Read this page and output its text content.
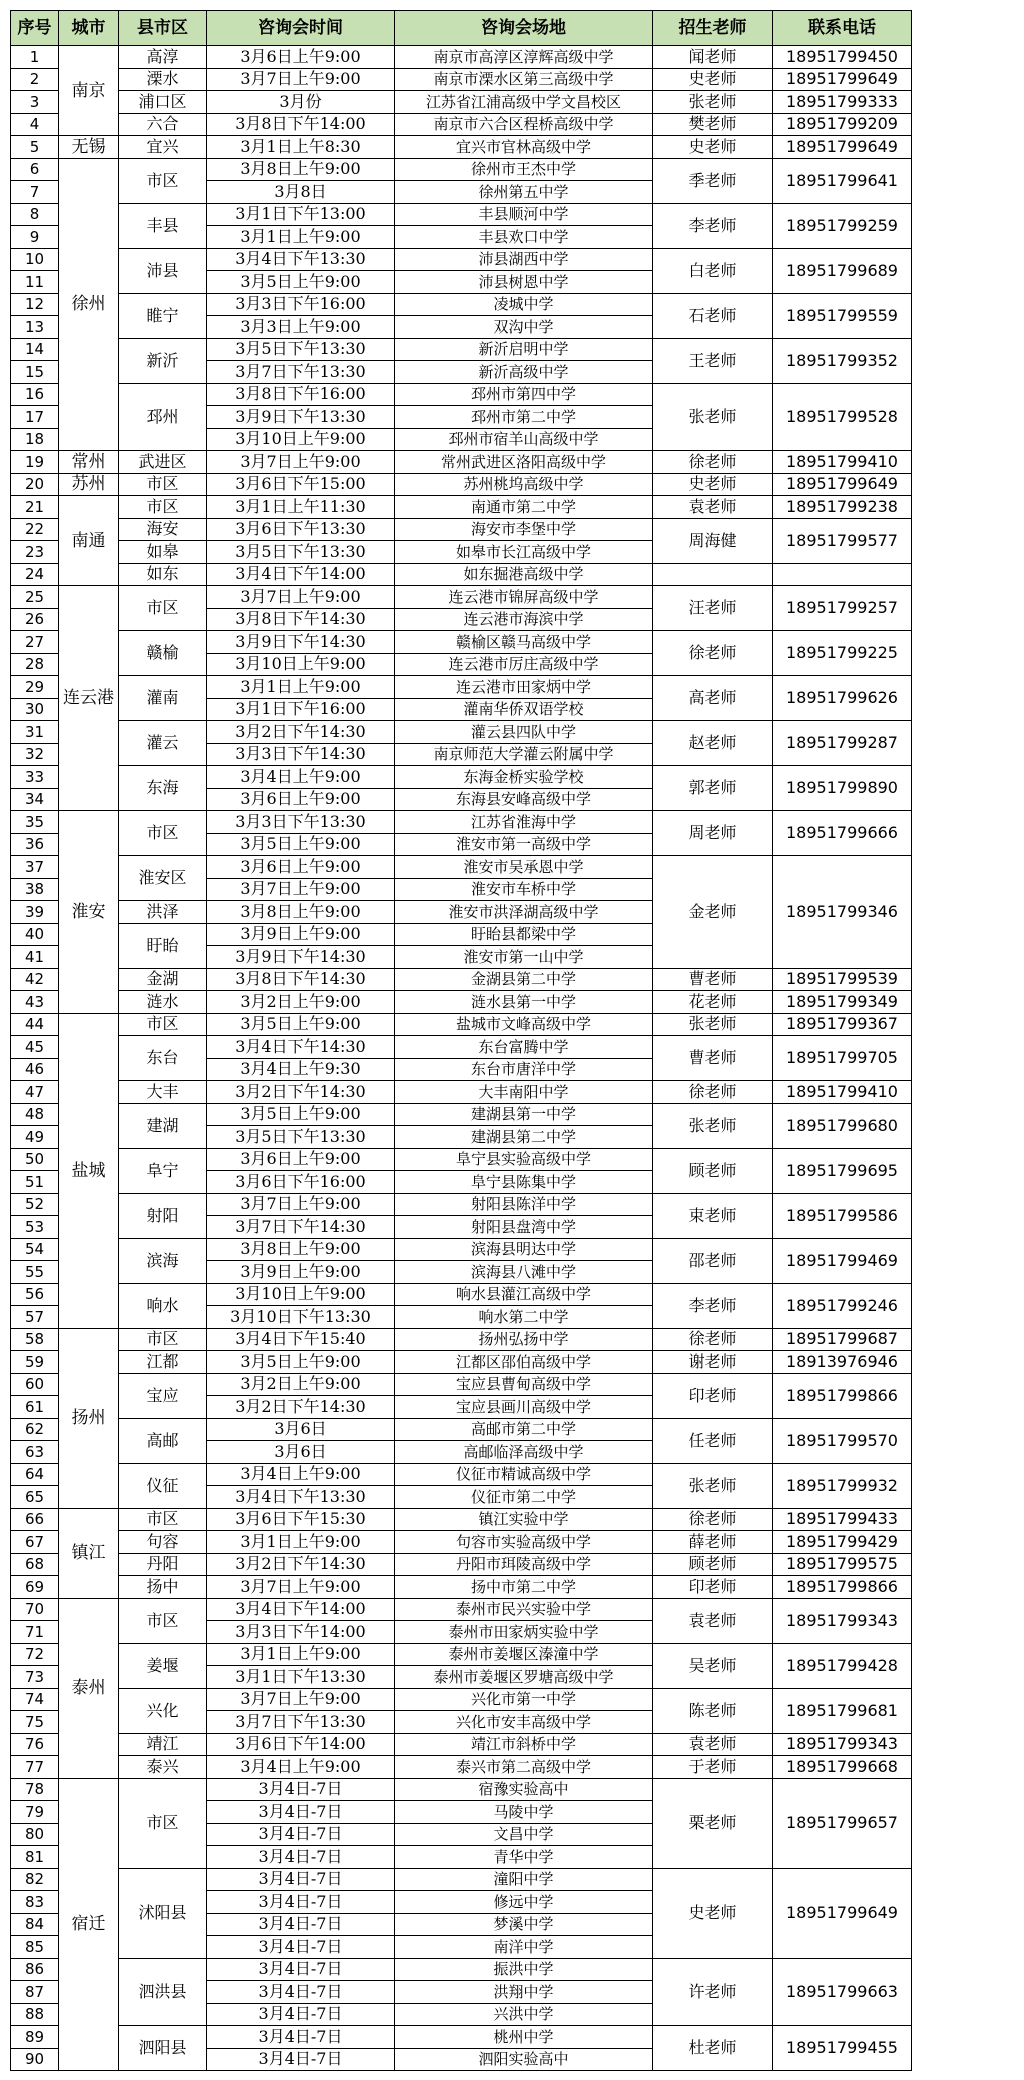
序号	城市	县市区	咨询会时间	咨询会场地	招生老师	联系电话
1	南京	高淳	3月6日上午9:00	南京市高淳区淳辉高级中学	闻老师	18951799450
2		溧水	3月7日上午9:00	南京市溧水区第三高级中学	史老师	18951799649
3		浦口区	3月份	江苏省江浦高级中学文昌校区	张老师	18951799333
4		六合	3月8日下午14:00	南京市六合区程桥高级中学	樊老师	18951799209
5	无锡	宜兴	3月1日上午8:30	宜兴市官林高级中学	史老师	18951799649
6	徐州	市区	3月8日上午9:00	徐州市王杰中学	季老师	18951799641
7			3月8日	徐州第五中学		
8		丰县	3月1日下午13:00	丰县顺河中学	李老师	18951799259
9			3月1日上午9:00	丰县欢口中学		
10		沛县	3月4日下午13:30	沛县湖西中学	白老师	18951799689
11			3月5日上午9:00	沛县树恩中学		
12		睢宁	3月3日下午16:00	凌城中学	石老师	18951799559
13			3月3日上午9:00	双沟中学		
14		新沂	3月5日下午13:30	新沂启明中学	王老师	18951799352
15			3月7日下午13:30	新沂高级中学		
16		邳州	3月8日下午16:00	邳州市第四中学	张老师	18951799528
17			3月9日下午13:30	邳州市第二中学		
18			3月10日上午9:00	邳州市宿羊山高级中学		
19	常州	武进区	3月7日上午9:00	常州武进区洛阳高级中学	徐老师	18951799410
20	苏州	市区	3月6日下午15:00	苏州桃坞高级中学	史老师	18951799649
21	南通	市区	3月1日上午11:30	南通市第二中学	袁老师	18951799238
22		海安	3月6日下午13:30	海安市李堡中学	周海健	18951799577
23		如皋	3月5日下午13:30	如皋市长江高级中学		
24		如东	3月4日下午14:00	如东掘港高级中学		
25	连云港	市区	3月7日上午9:00	连云港市锦屏高级中学	汪老师	18951799257
26			3月8日下午14:30	连云港市海滨中学		
27		赣榆	3月9日下午14:30	赣榆区赣马高级中学	徐老师	18951799225
28			3月10日上午9:00	连云港市厉庄高级中学		
29		灌南	3月1日上午9:00	连云港市田家炳中学	高老师	18951799626
30			3月1日下午16:00	灌南华侨双语学校		
31		灌云	3月2日下午14:30	灌云县四队中学	赵老师	18951799287
32			3月3日下午14:30	南京师范大学灌云附属中学		
33		东海	3月4日上午9:00	东海金桥实验学校	郭老师	18951799890
34			3月6日上午9:00	东海县安峰高级中学		
35	淮安	市区	3月3日下午13:30	江苏省淮海中学	周老师	18951799666
36			3月5日上午9:00	淮安市第一高级中学		
37		淮安区	3月6日上午9:00	淮安市吴承恩中学	金老师	18951799346
38			3月7日上午9:00	淮安市车桥中学		
39		洪泽	3月8日上午9:00	淮安市洪泽湖高级中学		
40		盱眙	3月9日上午9:00	盱眙县都梁中学		
41			3月9日下午14:30	淮安市第一山中学		
42		金湖	3月8日下午14:30	金湖县第二中学	曹老师	18951799539
43		涟水	3月2日上午9:00	涟水县第一中学	花老师	18951799349
44	盐城	市区	3月5日上午9:00	盐城市文峰高级中学	张老师	18951799367
45		东台	3月4日下午14:30	东台富腾中学	曹老师	18951799705
46			3月4日上午9:30	东台市唐洋中学		
47		大丰	3月2日下午14:30	大丰南阳中学	徐老师	18951799410
48		建湖	3月5日上午9:00	建湖县第一中学	张老师	18951799680
49			3月5日下午13:30	建湖县第二中学		
50		阜宁	3月6日上午9:00	阜宁县实验高级中学	顾老师	18951799695
51			3月6日下午16:00	阜宁县陈集中学		
52		射阳	3月7日上午9:00	射阳县陈洋中学	束老师	18951799586
53			3月7日下午14:30	射阳县盘湾中学		
54		滨海	3月8日上午9:00	滨海县明达中学	邵老师	18951799469
55			3月9日上午9:00	滨海县八滩中学		
56		响水	3月10日上午9:00	响水县灌江高级中学	李老师	18951799246
57			3月10日下午13:30	响水第二中学		
58	扬州	市区	3月4日下午15:40	扬州弘扬中学	徐老师	18951799687
59		江都	3月5日上午9:00	江都区邵伯高级中学	谢老师	18913976946
60		宝应	3月2日上午9:00	宝应县曹甸高级中学	印老师	18951799866
61			3月2日下午14:30	宝应县画川高级中学		
62		高邮	3月6日	高邮市第二中学	任老师	18951799570
63			3月6日	高邮临泽高级中学		
64		仪征	3月4日上午9:00	仪征市精诚高级中学	张老师	18951799932
65			3月4日下午13:30	仪征市第二中学		
66	镇江	市区	3月6日下午15:30	镇江实验中学	徐老师	18951799433
67		句容	3月1日上午9:00	句容市实验高级中学	薛老师	18951799429
68		丹阳	3月2日下午14:30	丹阳市珥陵高级中学	顾老师	18951799575
69		扬中	3月7日上午9:00	扬中市第二中学	印老师	18951799866
70	泰州	市区	3月4日下午14:00	泰州市民兴实验中学	袁老师	18951799343
71			3月3日下午14:00	泰州市田家炳实验中学		
72		姜堰	3月1日上午9:00	泰州市姜堰区溱潼中学	吴老师	18951799428
73			3月1日下午13:30	泰州市姜堰区罗塘高级中学		
74		兴化	3月7日上午9:00	兴化市第一中学	陈老师	18951799681
75			3月7日下午13:30	兴化市安丰高级中学		
76		靖江	3月6日下午14:00	靖江市斜桥中学	袁老师	18951799343
77		泰兴	3月4日上午9:00	泰兴市第二高级中学	于老师	18951799668
78	宿迁	市区	3月4日-7日	宿豫实验高中	栗老师	18951799657
79			3月4日-7日	马陵中学		
80			3月4日-7日	文昌中学		
81			3月4日-7日	青华中学		
82		沭阳县	3月4日-7日	潼阳中学	史老师	18951799649
83			3月4日-7日	修远中学		
84			3月4日-7日	梦溪中学		
85			3月4日-7日	南洋中学		
86		泗洪县	3月4日-7日	振洪中学	许老师	18951799663
87			3月4日-7日	洪翔中学		
88			3月4日-7日	兴洪中学		
89		泗阳县	3月4日-7日	桃州中学	杜老师	18951799455
90			3月4日-7日	泗阳实验高中		
